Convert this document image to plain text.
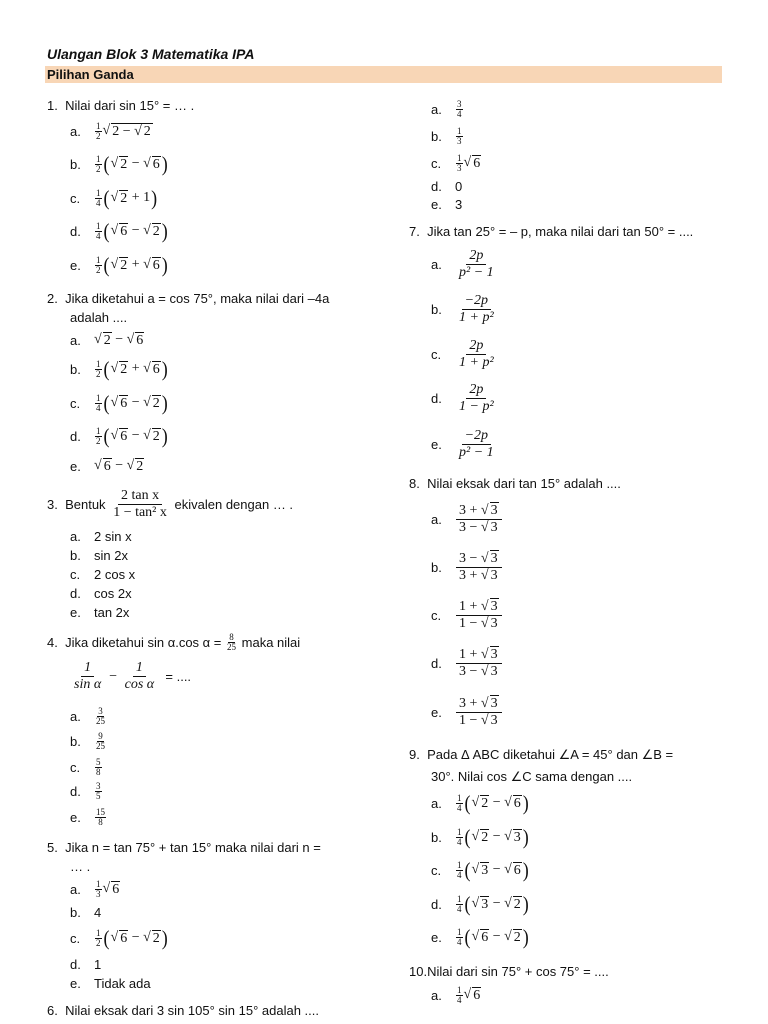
Ulangan Blok 3 Matematika IPA
Pilihan Ganda
1. Nilai dari sin 15° = … .
a.	1
2 √ 2 − √ 2
b.	1
2 ( √ 2
− √ 6 )
c.	1
4 ( √ 2
+
1 )
d.	1
4 ( √ 6
− √ 2 )
e.	1
2 ( √ 2
+ √ 6 )
2. Jika diketahui a = cos 75°, maka nilai dari –4a
adalah ....
a. √ 2
− √ 6
b.	1
2 ( √ 2
+ √ 6 )
c.	1
4 ( √ 6
− √ 2 )
d.	1
2 ( √ 6
− √ 2 )
e. √ 6
− √ 2
3.
Bentuk

2 tan x
1 − tan² x

ekivalen dengan … .
a.	2 sin x
b.	sin 2x
c.	2 cos x
d.	cos 2x
e.	tan 2x
4.
Jika diketahui sin α.cos α =
8
25
maka nilai
1
sin α
− $\frac{1}{\text{cos α}}$
= ....
a.	3
25
b.	9
25
c.	5
8
d.	3
5
e.	15
8
5. Jika n = tan 75° + tan 15° maka nilai dari n =
… .
a.	1
3 √ 6
b.	4
c.	1
2 ( √ 6
− √ 2 )
d.	1
e.	Tidak ada
6. Nilai eksak dari 3 sin 105° sin 15° adalah ....
a.	3
4
b.	1
3
c.	1
3 √ 6
d.	0
e.	3
7. Jika tan 25° = – p, maka nilai dari tan 50° = ....
a.
2p
p² − 1
b.
−2p
1 + p²
c.
2p
1 + p²
d.
2p
1 − p²
e.
−2p
p² − 1
8. Nilai eksak dari tan 15° adalah ....
a.
3 + √ 3
3 − √ 3
b.
3 − √ 3
3 + √ 3
c.
1 + √ 3
1 − √ 3
d.
1 + √ 3
3 − √ 3
e.
3 + √ 3
1 − √ 3
9. Pada Δ ABC diketahui ∠A = 45° dan ∠B =
30°. Nilai cos ∠C sama dengan ....
a.	1
4 ( √ 2
− √ 6 )
b.	1
4 ( √ 2
− √ 3 )
c.	1
4 ( √ 3
− √ 6 )
d.	1
4 ( √ 3
− √ 2 )
e.	1
4 ( √ 6
− √ 2 )
10.Nilai dari sin 75° + cos 75° = ....
a.	1
4 √ 6
